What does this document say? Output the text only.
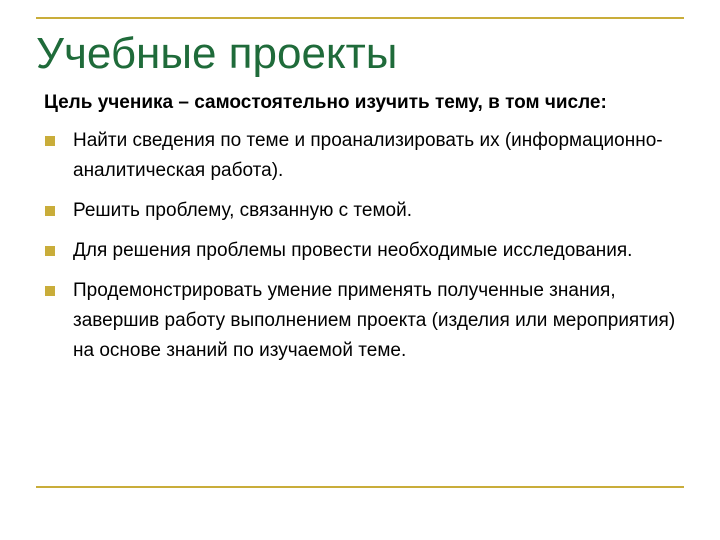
Учебные проекты

Цель ученика – самостоятельно изучить тему, в том числе:

Найти сведения по теме и проанализировать их (информационно-аналитическая работа).
Решить проблему, связанную с темой.
Для решения проблемы провести необходимые исследования.
Продемонстрировать умение применять полученные знания, завершив работу выполнением проекта (изделия или мероприятия) на основе знаний по изучаемой теме.
